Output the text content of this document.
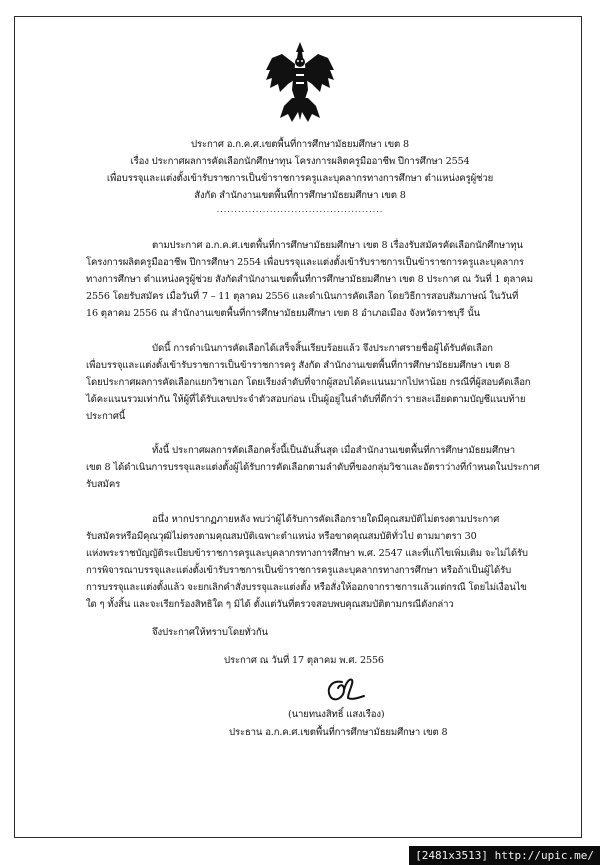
ประกาศ อ.ก.ค.ศ.เขตพื้นที่การศึกษามัธยมศึกษา เขต 8
เรื่อง ประกาศผลการคัดเลือกนักศึกษาทุน โครงการผลิตครูมืออาชีพ ปีการศึกษา 2554
เพื่อบรรจุและแต่งตั้งเข้ารับราชการเป็นข้าราชการครูและบุคลากรทางการศึกษา ตำแหน่งครูผู้ช่วย
สังกัด สำนักงานเขตพื้นที่การศึกษามัธยมศึกษา เขต 8
...............................................
ตามประกาศ อ.ก.ค.ศ.เขตพื้นที่การศึกษามัธยมศึกษา เขต 8 เรื่องรับสมัครคัดเลือกนักศึกษาทุน
โครงการผลิตครูมืออาชีพ ปีการศึกษา 2554 เพื่อบรรจุและแต่งตั้งเข้ารับราชการเป็นข้าราชการครูและบุคลากร
ทางการศึกษา ตำแหน่งครูผู้ช่วย สังกัดสำนักงานเขตพื้นที่การศึกษามัธยมศึกษา เขต 8 ประกาศ ณ วันที่ 1 ตุลาคม
2556 โดยรับสมัคร เมื่อวันที่ 7 – 11 ตุลาคม 2556 และดำเนินการคัดเลือก โดยวิธีการสอบสัมภาษณ์ ในวันที่
16 ตุลาคม 2556 ณ สำนักงานเขตพื้นที่การศึกษามัธยมศึกษา เขต 8 อำเภอเมือง จังหวัดราชบุรี นั้น
บัดนี้ การดำเนินการคัดเลือกได้เสร็จสิ้นเรียบร้อยแล้ว จึงประกาศรายชื่อผู้ได้รับคัดเลือก
เพื่อบรรจุและแต่งตั้งเข้ารับราชการเป็นข้าราชการครู สังกัด สำนักงานเขตพื้นที่การศึกษามัธยมศึกษา เขต 8
โดยประกาศผลการคัดเลือกแยกวิชาเอก โดยเรียงลำดับที่จากผู้สอบได้คะแนนมากไปหาน้อย กรณีที่ผู้สอบคัดเลือก
ได้คะแนนรวมเท่ากัน ให้ผู้ที่ได้รับเลขประจำตัวสอบก่อน เป็นผู้อยู่ในลำดับที่ดีกว่า รายละเอียดตามบัญชีแนบท้าย
ประกาศนี้
ทั้งนี้ ประกาศผลการคัดเลือกครั้งนี้เป็นอันสิ้นสุด เมื่อสำนักงานเขตพื้นที่การศึกษามัธยมศึกษา
เขต 8 ได้ดำเนินการบรรจุและแต่งตั้งผู้ได้รับการคัดเลือกตามลำดับที่ของกลุ่มวิชาและอัตราว่างที่กำหนดในประกาศ
รับสมัคร
อนึ่ง หากปรากฏภายหลัง พบว่าผู้ได้รับการคัดเลือกรายใดมีคุณสมบัติไม่ตรงตามประกาศ
รับสมัครหรือมีคุณวุฒิไม่ตรงตามคุณสมบัติเฉพาะตำแหน่ง หรือขาดคุณสมบัติทั่วไป ตามมาตรา 30
แห่งพระราชบัญญัติระเบียบข้าราชการครูและบุคลากรทางการศึกษา พ.ศ. 2547 และที่แก้ไขเพิ่มเติม จะไม่ได้รับ
การพิจารณาบรรจุและแต่งตั้งเข้ารับราชการเป็นข้าราชการครูและบุคลากรทางการศึกษา หรือถ้าเป็นผู้ได้รับ
การบรรจุและแต่งตั้งแล้ว จะยกเลิกคำสั่งบรรจุและแต่งตั้ง หรือสั่งให้ออกจากราชการแล้วแต่กรณี โดยไม่เงื่อนไข
ใด ๆ ทั้งสิ้น และจะเรียกร้องสิทธิใด ๆ มิได้ ตั้งแต่วันที่ตรวจสอบพบคุณสมบัติตามกรณีดังกล่าว
จึงประกาศให้ทราบโดยทั่วกัน
ประกาศ ณ วันที่ 17 ตุลาคม พ.ศ. 2556
(นายทนงสิทธิ์ แสงเรือง)
ประธาน อ.ก.ค.ศ.เขตพื้นที่การศึกษามัธยมศึกษา เขต 8
[2481x3513] http://upic.me/
